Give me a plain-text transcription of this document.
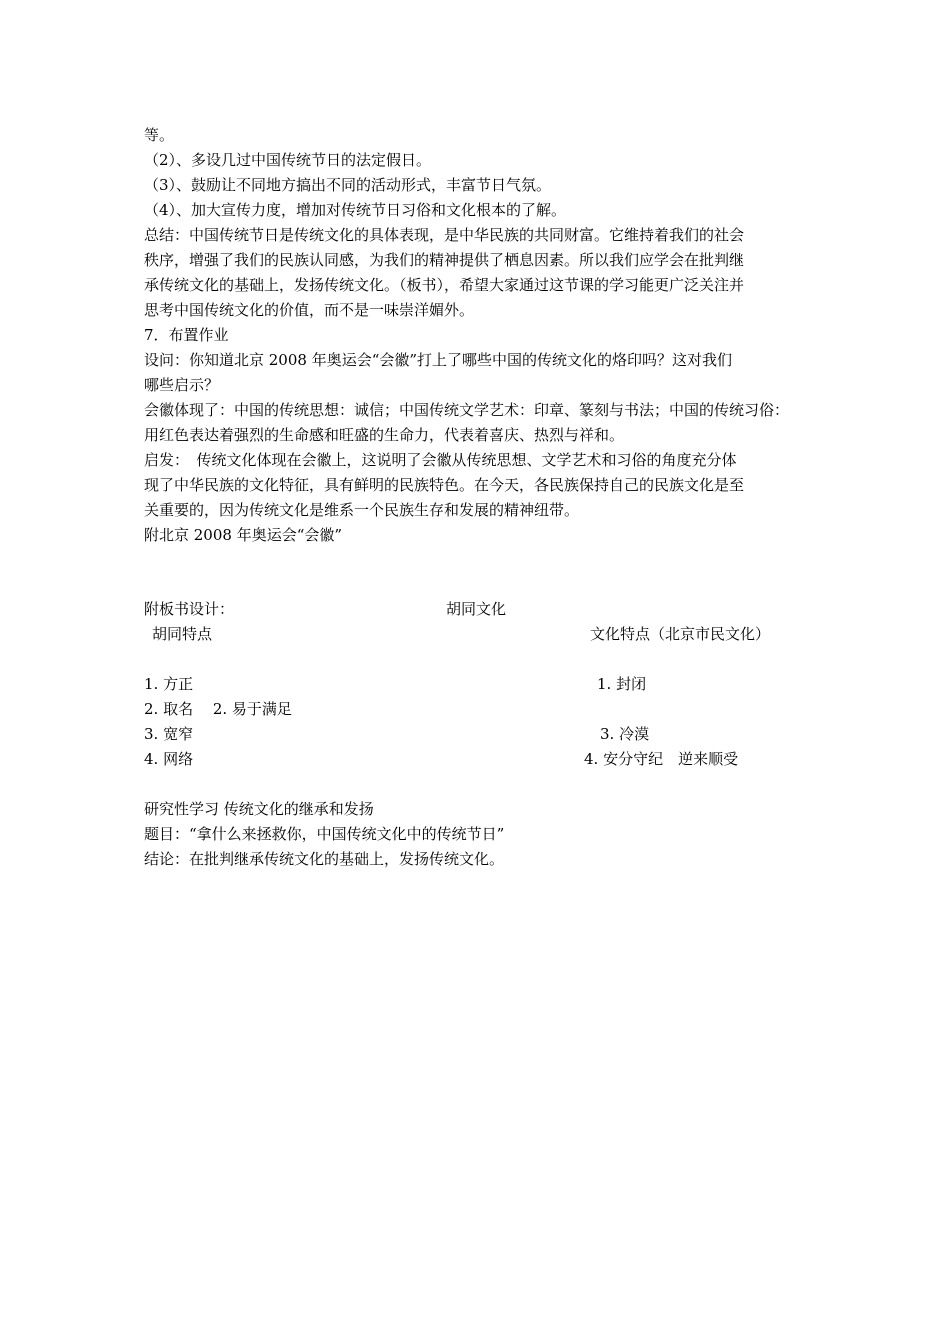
等。
（2）、多设几过中国传统节日的法定假日。
（3）、鼓励让不同地方搞出不同的活动形式，丰富节日气氛。
（4）、加大宣传力度，增加对传统节日习俗和文化根本的了解。
总结：中国传统节日是传统文化的具体表现，是中华民族的共同财富。它维持着我们的社会
秩序，增强了我们的民族认同感，为我们的精神提供了栖息因素。所以我们应学会在批判继
承传统文化的基础上，发扬传统文化。（板书），希望大家通过这节课的学习能更广泛关注并
思考中国传统文化的价值，而不是一味崇洋媚外。
7．布置作业
设问：你知道北京 2008 年奥运会“会徽”打上了哪些中国的传统文化的烙印吗？这对我们
哪些启示？
会徽体现了：中国的传统思想：诚信；中国传统文学艺术：印章、篆刻与书法；中国的传统习俗：
用红色表达着强烈的生命感和旺盛的生命力，代表着喜庆、热烈与祥和。
启发：　传统文化体现在会徽上，这说明了会徽从传统思想、文学艺术和习俗的角度充分体
现了中华民族的文化特征，具有鲜明的民族特色。在今天，各民族保持自己的民族文化是至
关重要的，因为传统文化是维系一个民族生存和发展的精神纽带。
附北京 2008 年奥运会“会徽”
附板书设计：	胡同文化
胡同特点	文化特点（北京市民文化）
1. 方正
2. 取名　 2. 易于满足
3. 宽窄
4. 网络
1. 封闭
3. 冷漠
4. 安分守纪　逆来顺受
研究性学习 传统文化的继承和发扬
题目：“拿什么来拯救你，中国传统文化中的传统节日”
结论：在批判继承传统文化的基础上，发扬传统文化。
